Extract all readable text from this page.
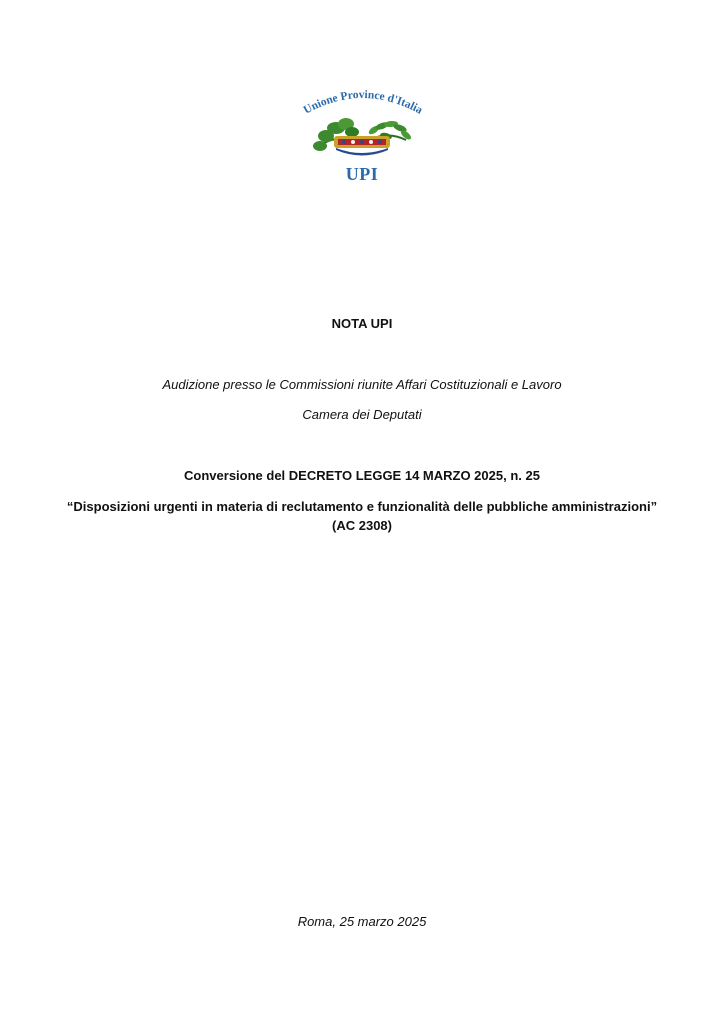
Unione Province d'Italia
UPI
NOTA UPI
Audizione presso le Commissioni riunite Affari Costituzionali e Lavoro
Camera dei Deputati
Conversione del DECRETO LEGGE 14 MARZO 2025, n. 25
“Disposizioni urgenti in materia di reclutamento e funzionalità delle pubbliche amministrazioni”
(AC 2308)
Roma, 25 marzo 2025
